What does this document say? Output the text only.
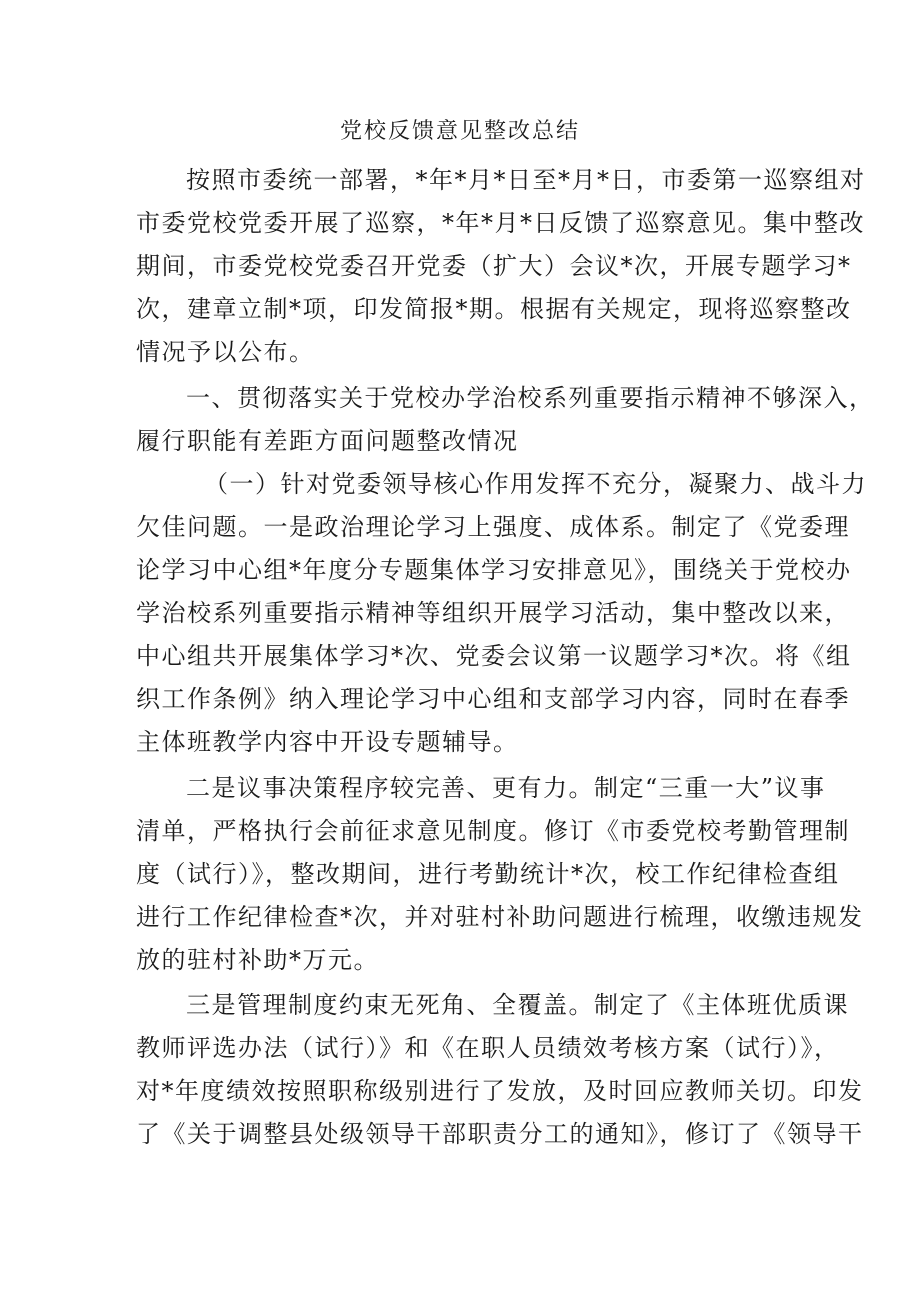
党校反馈意见整改总结
按照市委统一部署，*年*月*日至*月*日，市委第一巡察组对
市委党校党委开展了巡察，*年*月*日反馈了巡察意见。集中整改
期间，市委党校党委召开党委（扩大）会议*次，开展专题学习*
次，建章立制*项，印发简报*期。根据有关规定，现将巡察整改
情况予以公布。
一、贯彻落实关于党校办学治校系列重要指示精神不够深入，
履行职能有差距方面问题整改情况
（一）针对党委领导核心作用发挥不充分，凝聚力、战斗力
欠佳问题。一是政治理论学习上强度、成体系。制定了《党委理
论学习中心组*年度分专题集体学习安排意见》，围绕关于党校办
学治校系列重要指示精神等组织开展学习活动，集中整改以来，
中心组共开展集体学习*次、党委会议第一议题学习*次。将《组
织工作条例》纳入理论学习中心组和支部学习内容，同时在春季
主体班教学内容中开设专题辅导。
二是议事决策程序较完善、更有力。制定“三重一大”议事
清单，严格执行会前征求意见制度。修订《市委党校考勤管理制
度（试行）》，整改期间，进行考勤统计*次，校工作纪律检查组
进行工作纪律检查*次，并对驻村补助问题进行梳理，收缴违规发
放的驻村补助*万元。
三是管理制度约束无死角、全覆盖。制定了《主体班优质课
教师评选办法（试行）》和《在职人员绩效考核方案（试行）》，
对*年度绩效按照职称级别进行了发放，及时回应教师关切。印发
了《关于调整县处级领导干部职责分工的通知》，修订了《领导干
